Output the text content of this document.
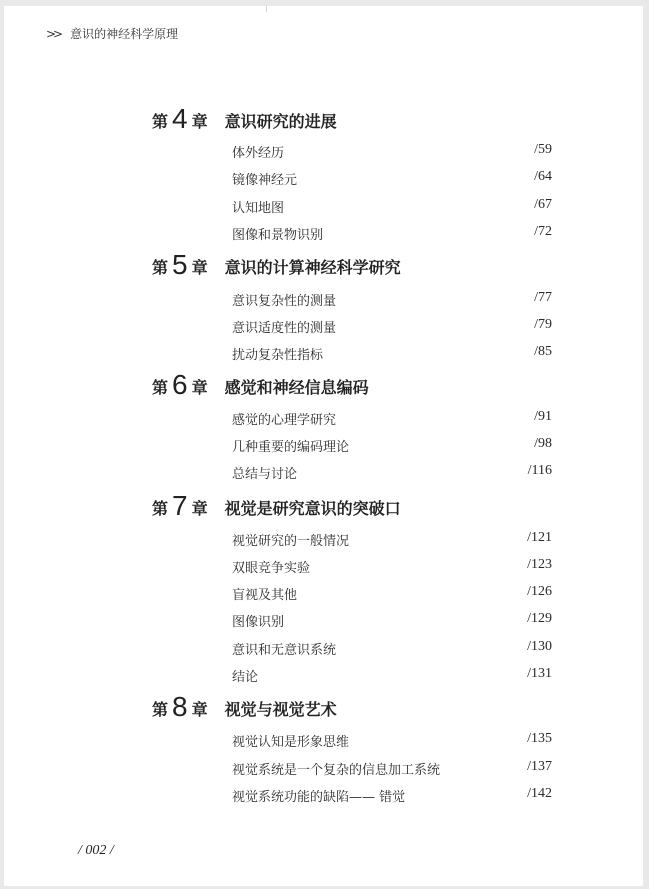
>> 意识的神经科学原理
第 4 章 意识研究的进展
体外经历	/59
镜像神经元	/64
认知地图	/67
图像和景物识别	/72
第 5 章 意识的计算神经科学研究
意识复杂性的测量	/77
意识适度性的测量	/79
扰动复杂性指标	/85
第 6 章 感觉和神经信息编码
感觉的心理学研究	/91
几种重要的编码理论	/98
总结与讨论	/116
第 7 章 视觉是研究意识的突破口
视觉研究的一般情况	/121
双眼竞争实验	/123
盲视及其他	/126
图像识别	/129
意识和无意识系统	/130
结论	/131
第 8 章 视觉与视觉艺术
视觉认知是形象思维	/135
视觉系统是一个复杂的信息加工系统	/137
视觉系统功能的缺陷—— 错觉	/142
/ 002 /
